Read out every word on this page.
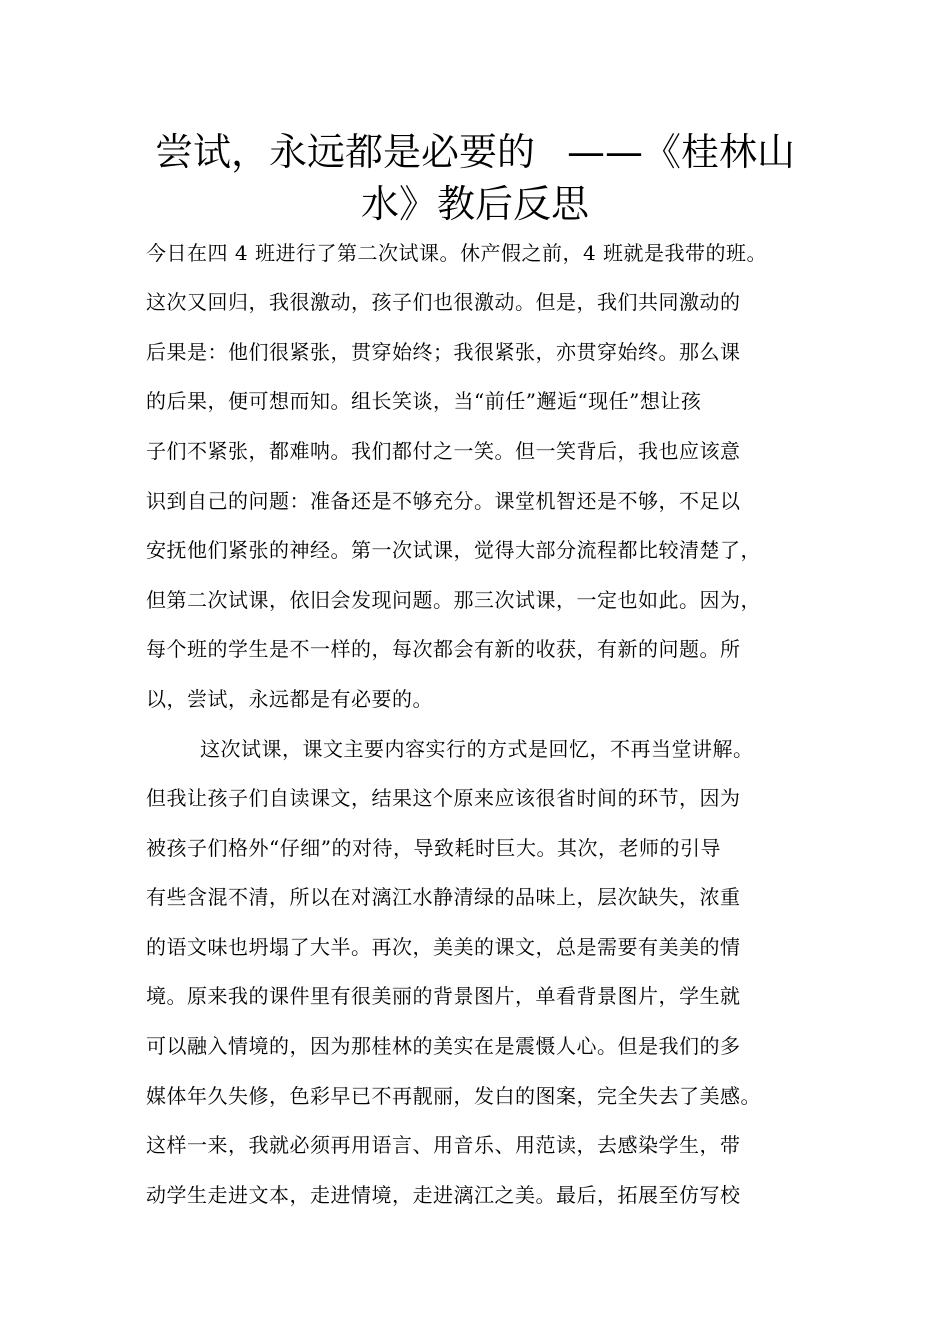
尝试，永远都是必要的 ——《桂林山
水》教后反思
今日在四 4 班进行了第二次试课。休产假之前，4 班就是我带的班。
这次又回归，我很激动，孩子们也很激动。但是，我们共同激动的
后果是：他们很紧张，贯穿始终；我很紧张，亦贯穿始终。那么课
的后果，便可想而知。组长笑谈，当“前任”邂逅“现任”想让孩
子们不紧张，都难呐。我们都付之一笑。但一笑背后，我也应该意
识到自己的问题：准备还是不够充分。课堂机智还是不够，不足以
安抚他们紧张的神经。第一次试课，觉得大部分流程都比较清楚了，
但第二次试课，依旧会发现问题。那三次试课，一定也如此。因为，
每个班的学生是不一样的，每次都会有新的收获，有新的问题。所
以，尝试，永远都是有必要的。
这次试课，课文主要内容实行的方式是回忆，不再当堂讲解。
但我让孩子们自读课文，结果这个原来应该很省时间的环节，因为
被孩子们格外“仔细”的对待，导致耗时巨大。其次，老师的引导
有些含混不清，所以在对漓江水静清绿的品味上，层次缺失，浓重
的语文味也坍塌了大半。再次，美美的课文，总是需要有美美的情
境。原来我的课件里有很美丽的背景图片，单看背景图片，学生就
可以融入情境的，因为那桂林的美实在是震慑人心。但是我们的多
媒体年久失修，色彩早已不再靓丽，发白的图案，完全失去了美感。
这样一来，我就必须再用语言、用音乐、用范读，去感染学生，带
动学生走进文本，走进情境，走进漓江之美。最后，拓展至仿写校
